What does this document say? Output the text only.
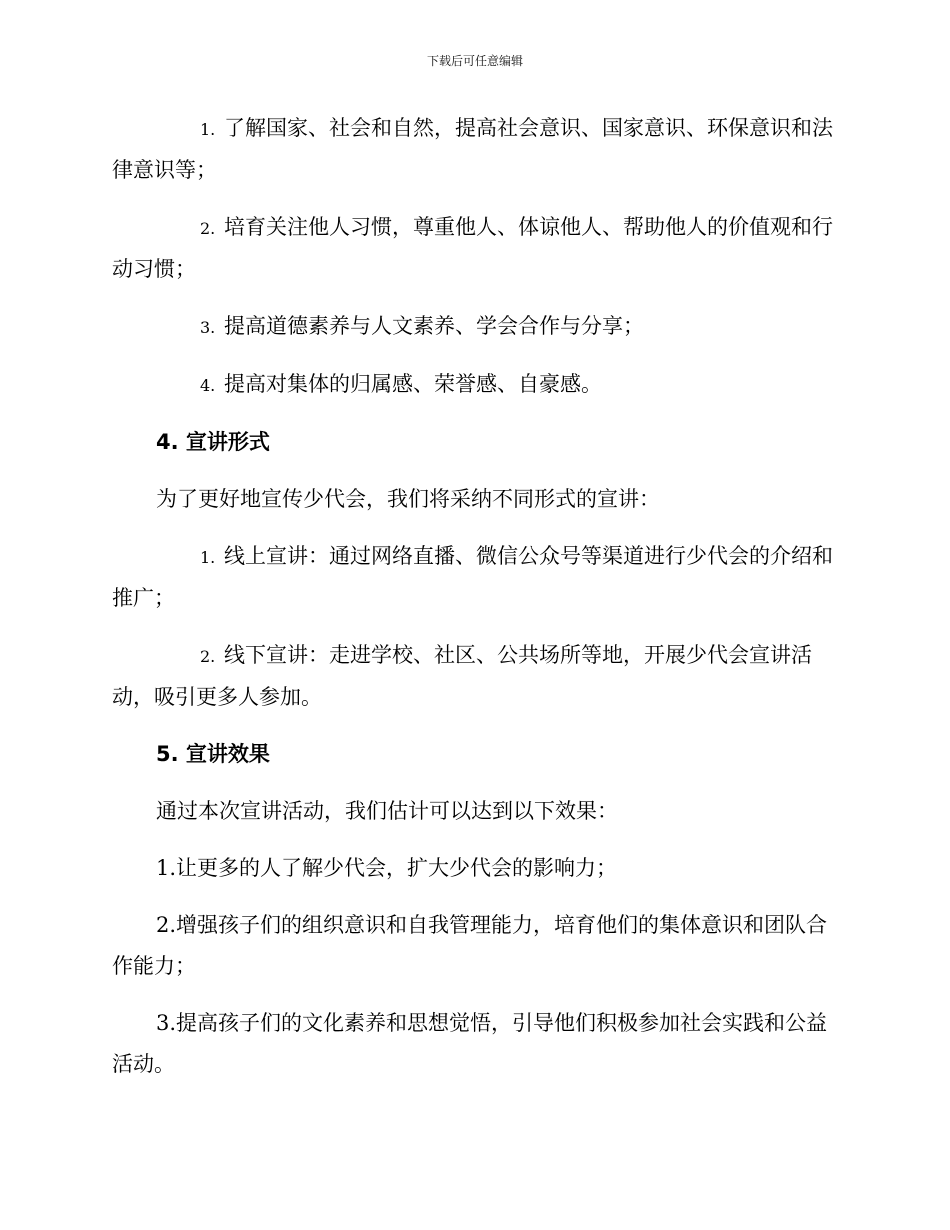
下载后可任意编辑

1. 了解国家、社会和自然，提高社会意识、国家意识、环保意识和法律意识等；

2. 培育关注他人习惯，尊重他人、体谅他人、帮助他人的价值观和行动习惯；

3. 提高道德素养与人文素养、学会合作与分享；

4. 提高对集体的归属感、荣誉感、自豪感。

4. 宣讲形式

为了更好地宣传少代会，我们将采纳不同形式的宣讲：

1. 线上宣讲：通过网络直播、微信公众号等渠道进行少代会的介绍和推广；

2. 线下宣讲：走进学校、社区、公共场所等地，开展少代会宣讲活动，吸引更多人参加。

5. 宣讲效果

通过本次宣讲活动，我们估计可以达到以下效果：

1.让更多的人了解少代会，扩大少代会的影响力；

2.增强孩子们的组织意识和自我管理能力，培育他们的集体意识和团队合作能力；

3.提高孩子们的文化素养和思想觉悟，引导他们积极参加社会实践和公益活动。
